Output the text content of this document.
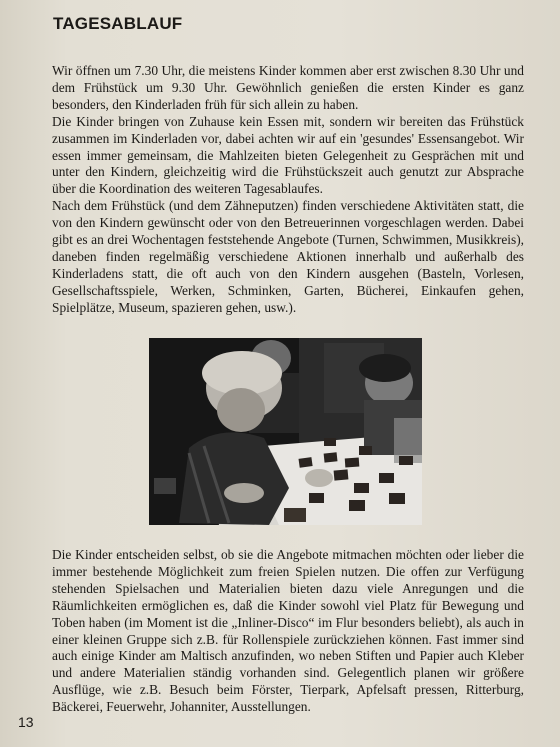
TAGESABLAUF

Wir öffnen um 7.30 Uhr, die meistens Kinder kommen aber erst zwischen 8.30 Uhr und dem Frühstück um 9.30 Uhr. Gewöhnlich genießen die ersten Kinder es ganz besonders, den Kinderladen früh für sich allein zu haben.

Die Kinder bringen von Zuhause kein Essen mit, sondern wir bereiten das Frühstück zusammen im Kinderladen vor, dabei achten wir auf ein 'gesundes' Essensangebot. Wir essen immer gemeinsam, die Mahlzeiten bieten Gelegenheit zu Gesprächen mit und unter den Kindern, gleichzeitig wird die Frühstückszeit auch genutzt zur Absprache über die Koordination des weiteren Tagesablaufes.

Nach dem Frühstück (und dem Zähneputzen) finden verschiedene Aktivitäten statt, die von den Kindern gewünscht oder von den Betreuerinnen vorgeschlagen werden. Dabei gibt es an drei Wochentagen feststehende Angebote (Turnen, Schwimmen, Musikkreis), daneben finden regelmäßig verschiedene Aktionen innerhalb und außerhalb des Kinderladens statt, die oft auch von den Kindern ausgehen (Basteln, Vorlesen, Gesellschaftsspiele, Werken, Schminken, Garten, Bücherei, Einkaufen gehen, Spielplätze, Museum, spazieren gehen, usw.).

Die Kinder entscheiden selbst, ob sie die Angebote mitmachen möchten oder lieber die immer bestehende Möglichkeit zum freien Spielen nutzen. Die offen zur Verfügung stehenden Spielsachen und Materialien bieten dazu viele Anregungen und die Räumlichkeiten ermöglichen es, daß die Kinder sowohl viel Platz für Bewegung und Toben haben (im Moment ist die „Inliner-Disco“ im Flur besonders beliebt), als auch in einer kleinen Gruppe sich z.B. für Rollenspiele zurückziehen können. Fast immer sind auch einige Kinder am Maltisch anzufinden, wo neben Stiften und Papier auch Kleber und andere Materialien ständig vorhanden sind. Gelegentlich planen wir größere Ausflüge, wie z.B. Besuch beim Förster, Tierpark, Apfelsaft pressen, Ritterburg, Bäckerei, Feuerwehr, Johanniter, Ausstellungen.

13
